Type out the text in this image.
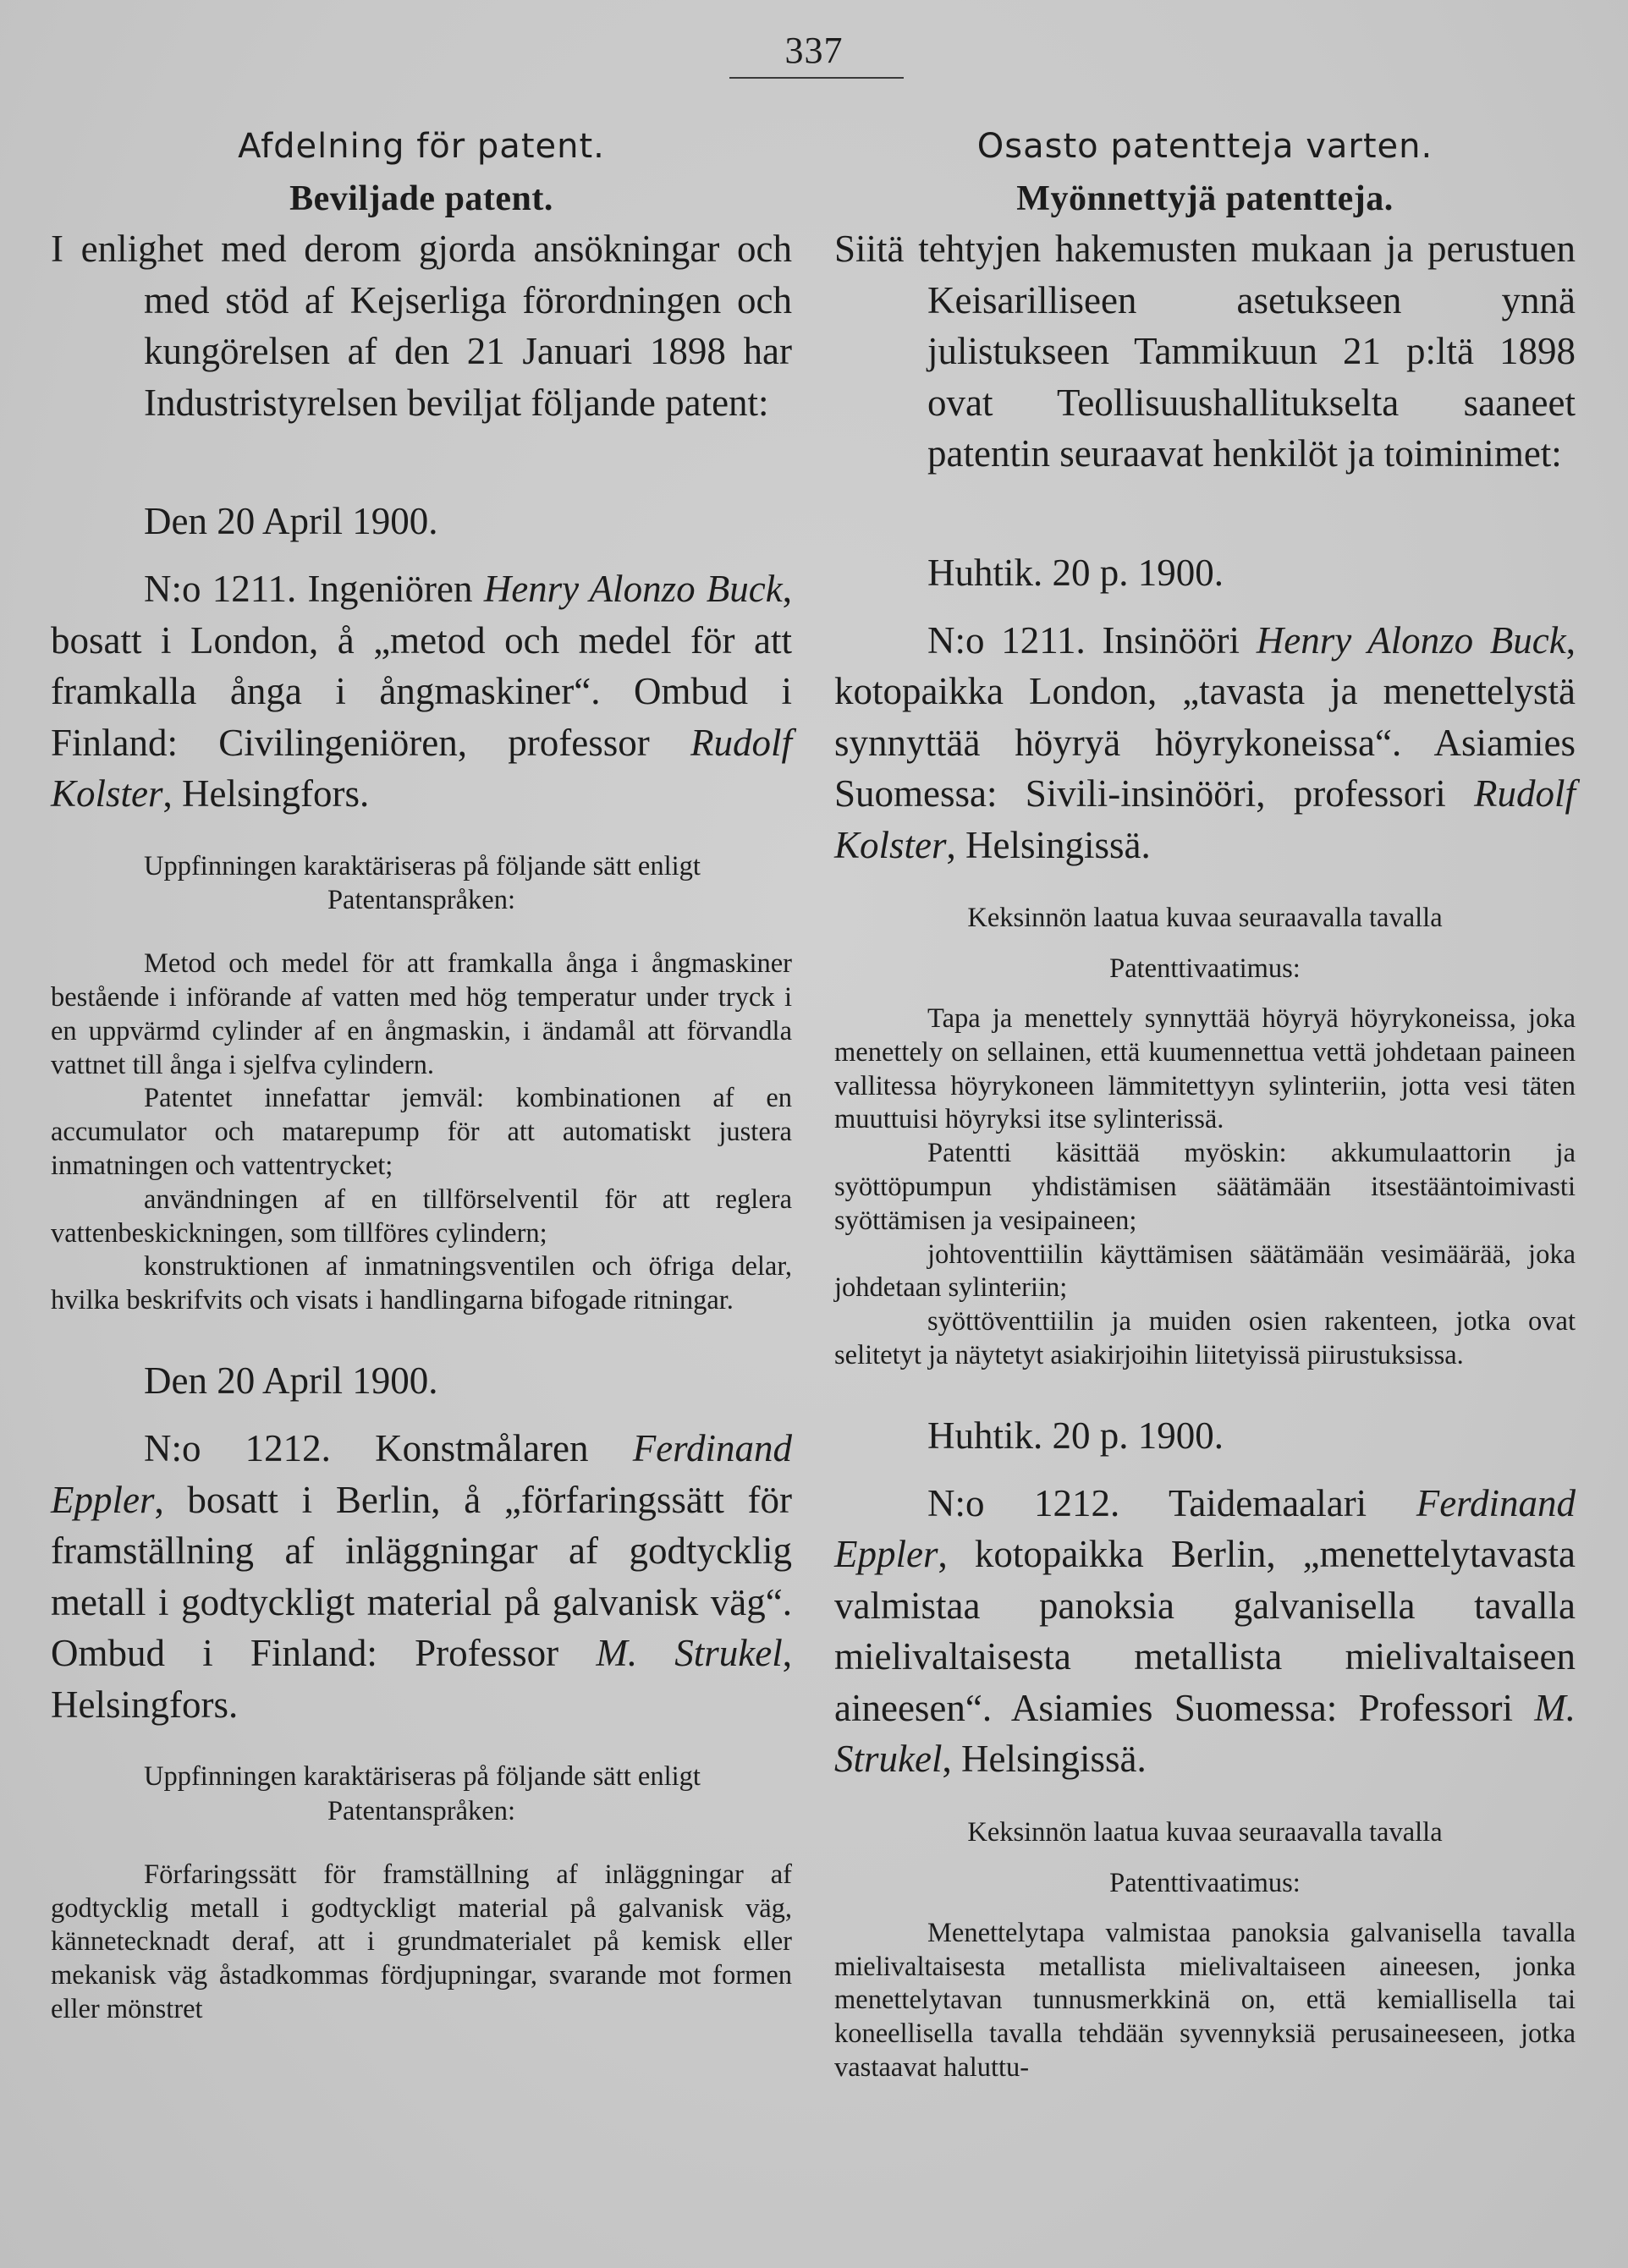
337
Afdelning för patent.
Beviljade patent.
I enlighet med derom gjorda ansökningar och med stöd af Kejserliga förordningen och kungörelsen af den 21 Januari 1898 har Industristyrelsen beviljat följande patent:
Den 20 April 1900.
N:o 1211. Ingeniören Henry Alonzo Buck, bosatt i London, å „metod och medel för att framkalla ånga i ångmaskiner“. Ombud i Finland: Civilingeniören, professor Rudolf Kolster, Helsingfors.
Uppfinningen karaktäriseras på följande sätt enligt
Patentanspråken:
Metod och medel för att framkalla ånga i ångmaskiner bestående i införande af vatten med hög temperatur under tryck i en uppvärmd cylinder af en ångmaskin, i ändamål att förvandla vattnet till ånga i sjelfva cylindern.
Patentet innefattar jemväl: kombinationen af en accumulator och matarepump för att automatiskt justera inmatningen och vattentrycket;
användningen af en tillförselventil för att reglera vattenbeskickningen, som tillföres cylindern;
konstruktionen af inmatningsventilen och öfriga delar, hvilka beskrifvits och visats i handlingarna bifogade ritningar.
Den 20 April 1900.
N:o 1212. Konstmålaren Ferdinand Eppler, bosatt i Berlin, å „förfaringssätt för framställning af inläggningar af godtycklig metall i godtyckligt material på galvanisk väg“. Ombud i Finland: Professor M. Strukel, Helsingfors.
Uppfinningen karaktäriseras på följande sätt enligt
Patentanspråken:
Förfaringssätt för framställning af inläggningar af godtycklig metall i godtyckligt material på galvanisk väg, kännetecknadt deraf, att i grundmaterialet på kemisk eller mekanisk väg åstadkommas fördjupningar, svarande mot formen eller mönstret
Osasto patentteja varten.
Myönnettyjä patentteja.
Siitä tehtyjen hakemusten mukaan ja perustuen Keisarilliseen asetukseen ynnä julistukseen Tammikuun 21 p:ltä 1898 ovat Teollisuushallitukselta saaneet patentin seuraavat henkilöt ja toiminimet:
Huhtik. 20 p. 1900.
N:o 1211. Insinööri Henry Alonzo Buck, kotopaikka London, „tavasta ja menettelystä synnyttää höyryä höyrykoneissa“. Asiamies Suomessa: Sivili-insinööri, professori Rudolf Kolster, Helsingissä.
Keksinnön laatua kuvaa seuraavalla tavalla
Patenttivaatimus:
Tapa ja menettely synnyttää höyryä höyrykoneissa, joka menettely on sellainen, että kuumennettua vettä johdetaan paineen vallitessa höyrykoneen lämmitettyyn sylinteriin, jotta vesi täten muuttuisi höyryksi itse sylinterissä.
Patentti käsittää myöskin: akkumulaattorin ja syöttöpumpun yhdistämisen säätämään itsestääntoimivasti syöttämisen ja vesipaineen;
johtoventtiilin käyttämisen säätämään vesimäärää, joka johdetaan sylinteriin;
syöttöventtiilin ja muiden osien rakenteen, jotka ovat selitetyt ja näytetyt asiakirjoihin liitetyissä piirustuksissa.
Huhtik. 20 p. 1900.
N:o 1212. Taidemaalari Ferdinand Eppler, kotopaikka Berlin, „menettelytavasta valmistaa panoksia galvanisella tavalla mielivaltaisesta metallista mielivaltaiseen aineesen“. Asiamies Suomessa: Professori M. Strukel, Helsingissä.
Keksinnön laatua kuvaa seuraavalla tavalla
Patenttivaatimus:
Menettelytapa valmistaa panoksia galvanisella tavalla mielivaltaisesta metallista mielivaltaiseen aineesen, jonka menettelytavan tunnusmerkkinä on, että kemiallisella tai koneellisella tavalla tehdään syvennyksiä perusaineeseen, jotka vastaavat haluttu-
